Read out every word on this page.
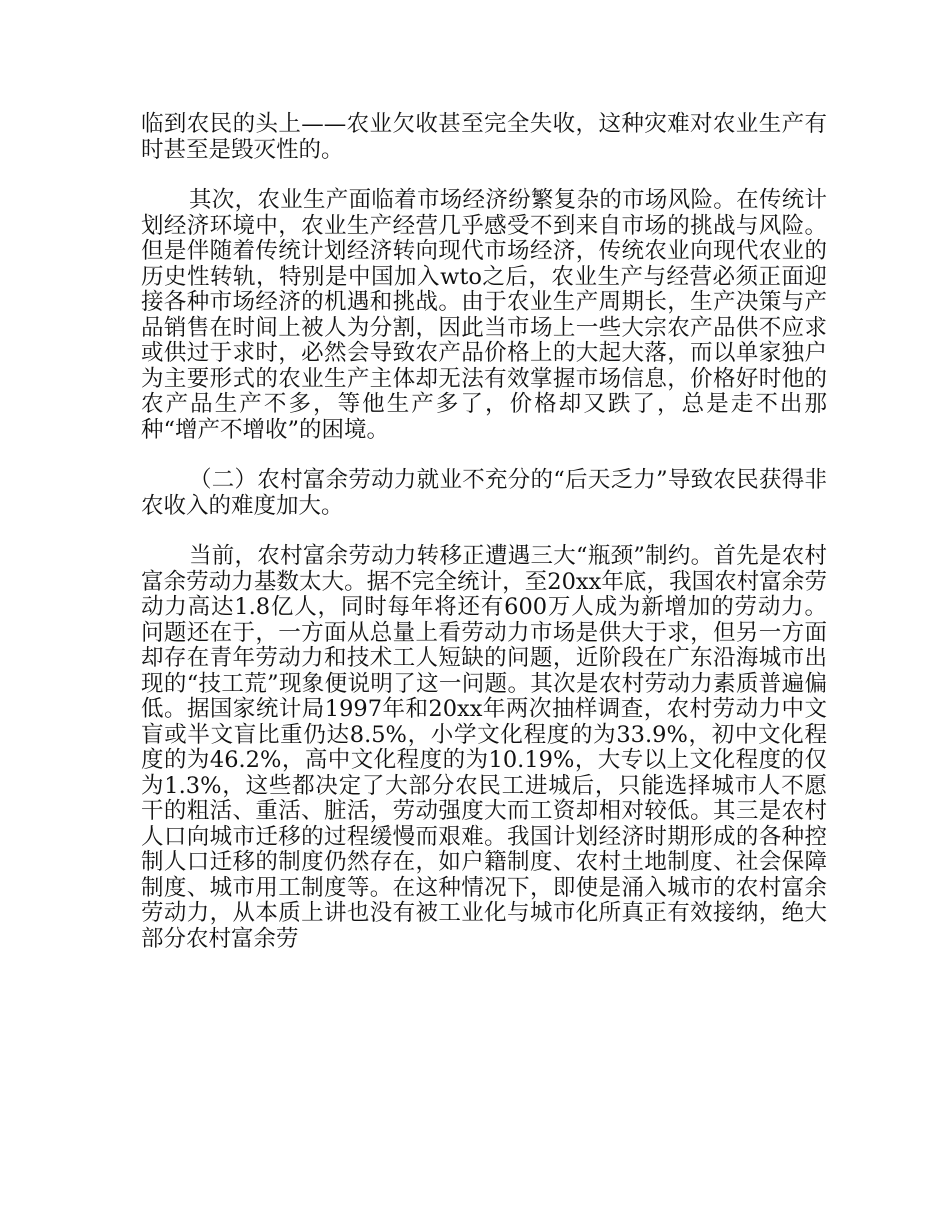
临到农民的头上——农业欠收甚至完全失收，这种灾难对农业生产有时甚至是毁灭性的。

其次，农业生产面临着市场经济纷繁复杂的市场风险。在传统计划经济环境中，农业生产经营几乎感受不到来自市场的挑战与风险。但是伴随着传统计划经济转向现代市场经济，传统农业向现代农业的历史性转轨，特别是中国加入wto之后，农业生产与经营必须正面迎接各种市场经济的机遇和挑战。由于农业生产周期长，生产决策与产品销售在时间上被人为分割，因此当市场上一些大宗农产品供不应求或供过于求时，必然会导致农产品价格上的大起大落，而以单家独户为主要形式的农业生产主体却无法有效掌握市场信息，价格好时他的农产品生产不多，等他生产多了，价格却又跌了，总是走不出那种“增产不增收”的困境。

（二）农村富余劳动力就业不充分的“后天乏力”导致农民获得非农收入的难度加大。

当前，农村富余劳动力转移正遭遇三大“瓶颈”制约。首先是农村富余劳动力基数太大。据不完全统计，至20xx年底，我国农村富余劳动力高达1.8亿人，同时每年将还有600万人成为新增加的劳动力。问题还在于，一方面从总量上看劳动力市场是供大于求，但另一方面却存在青年劳动力和技术工人短缺的问题，近阶段在广东沿海城市出现的“技工荒”现象便说明了这一问题。其次是农村劳动力素质普遍偏低。据国家统计局1997年和20xx年两次抽样调查，农村劳动力中文盲或半文盲比重仍达8.5%，小学文化程度的为33.9%，初中文化程度的为46.2%，高中文化程度的为10.19%，大专以上文化程度的仅为1.3%，这些都决定了大部分农民工进城后，只能选择城市人不愿干的粗活、重活、脏活，劳动强度大而工资却相对较低。其三是农村人口向城市迁移的过程缓慢而艰难。我国计划经济时期形成的各种控制人口迁移的制度仍然存在，如户籍制度、农村土地制度、社会保障制度、城市用工制度等。在这种情况下，即使是涌入城市的农村富余劳动力，从本质上讲也没有被工业化与城市化所真正有效接纳，绝大部分农村富余劳
